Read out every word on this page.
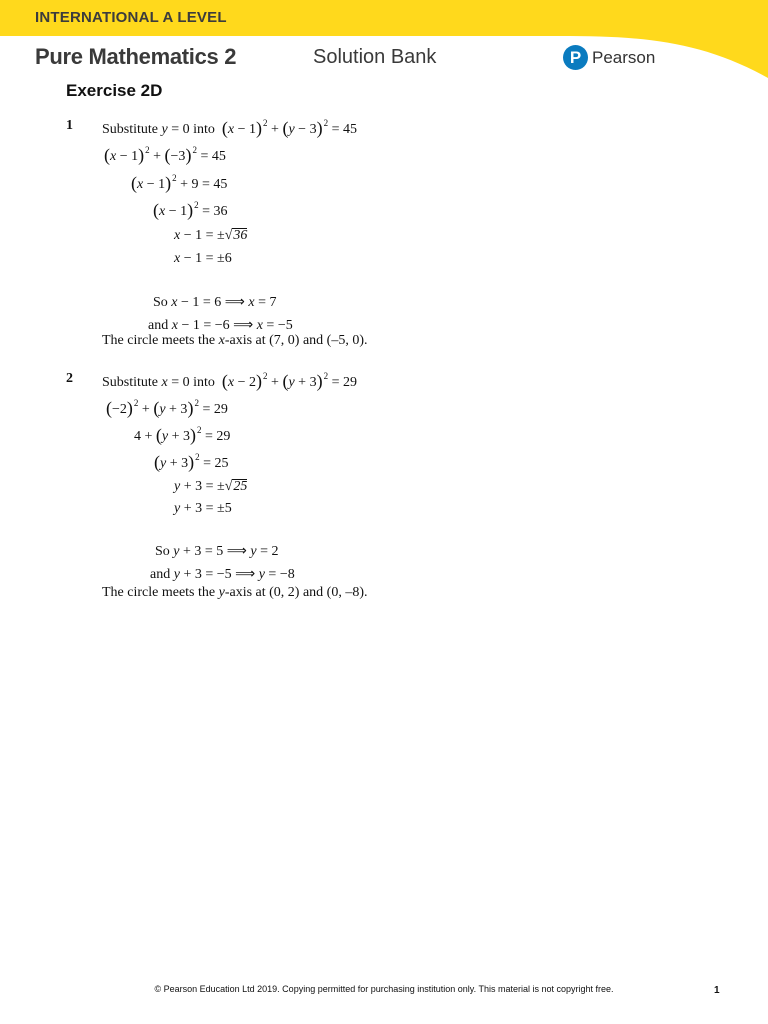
INTERNATIONAL A LEVEL
Pure Mathematics 2	Solution Bank	P Pearson
Exercise 2D
1 Substitute y = 0 into $(x - 1)^2 + (y - 3)^2 = 45$
$(x - 1)^2 + (-3)^2 = 45$
$(x - 1)^2 + 9 = 45$
$(x - 1)^2 = 36$
x − 1 = ±√36
x − 1 = ±6
So x − 1 = 6 ⟹ x = 7
and x − 1 = −6 ⟹ x = −5
The circle meets the x-axis at (7, 0) and (–5, 0).
2 Substitute x = 0 into $(x - 2)^2 + (y + 3)^2 = 29$
$(-2)^2 + (y + 3)^2 = 29$
$4 + (y + 3)^2 = 29$
$(y + 3)^2 = 25$
y + 3 = ±√25
y + 3 = ±5
So y + 3 = 5 ⟹ y = 2
and y + 3 = −5 ⟹ y = −8
The circle meets the y-axis at (0, 2) and (0, –8).
© Pearson Education Ltd 2019. Copying permitted for purchasing institution only. This material is not copyright free.	1
